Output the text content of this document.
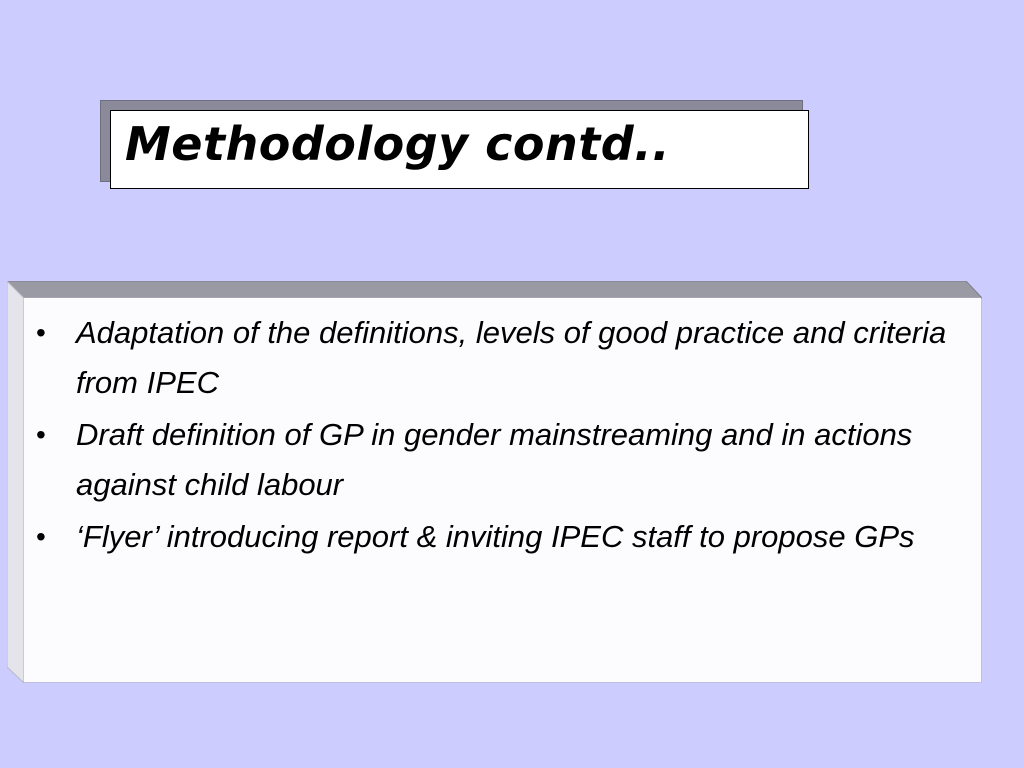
Methodology contd..
• Adaptation of the definitions, levels of good practice and criteria from IPEC
• Draft definition of GP in gender mainstreaming and in actions against child labour
• ‘Flyer’ introducing report & inviting IPEC staff to propose GPs
